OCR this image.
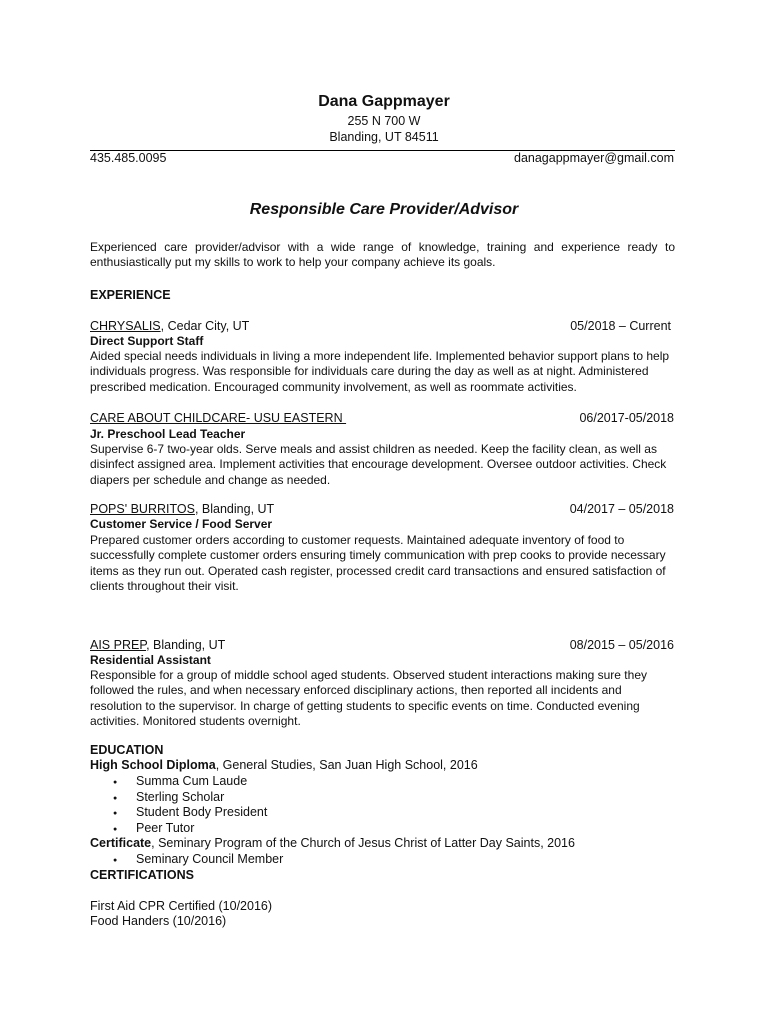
Dana Gappmayer
255 N 700 W
Blanding, UT 84511
435.485.0095	danagappmayer@gmail.com
Responsible Care Provider/Advisor
Experienced care provider/advisor with a wide range of knowledge, training and experience ready to enthusiastically put my skills to work to help your company achieve its goals.
EXPERIENCE
CHRYSALIS, Cedar City, UT	05/2018 – Current
Direct Support Staff
Aided special needs individuals in living a more independent life. Implemented behavior support plans to help individuals progress. Was responsible for individuals care during the day as well as at night. Administered prescribed medication. Encouraged community involvement, as well as roommate activities.
CARE ABOUT CHILDCARE- USU EASTERN	06/2017-05/2018
Jr. Preschool Lead Teacher
Supervise 6-7 two-year olds. Serve meals and assist children as needed. Keep the facility clean, as well as disinfect assigned area. Implement activities that encourage development. Oversee outdoor activities. Check diapers per schedule and change as needed.
POPS' BURRITOS, Blanding, UT	04/2017 – 05/2018
Customer Service / Food Server
Prepared customer orders according to customer requests. Maintained adequate inventory of food to successfully complete customer orders ensuring timely communication with prep cooks to provide necessary items as they run out. Operated cash register, processed credit card transactions and ensured satisfaction of clients throughout their visit.
AIS PREP, Blanding, UT	08/2015 – 05/2016
Residential Assistant
Responsible for a group of middle school aged students. Observed student interactions making sure they followed the rules, and when necessary enforced disciplinary actions, then reported all incidents and resolution to the supervisor. In charge of getting students to specific events on time. Conducted evening activities. Monitored students overnight.
EDUCATION
High School Diploma, General Studies, San Juan High School, 2016
● Summa Cum Laude
● Sterling Scholar
● Student Body President
● Peer Tutor
Certificate, Seminary Program of the Church of Jesus Christ of Latter Day Saints, 2016
● Seminary Council Member
CERTIFICATIONS
First Aid CPR Certified (10/2016)
Food Handers (10/2016)
